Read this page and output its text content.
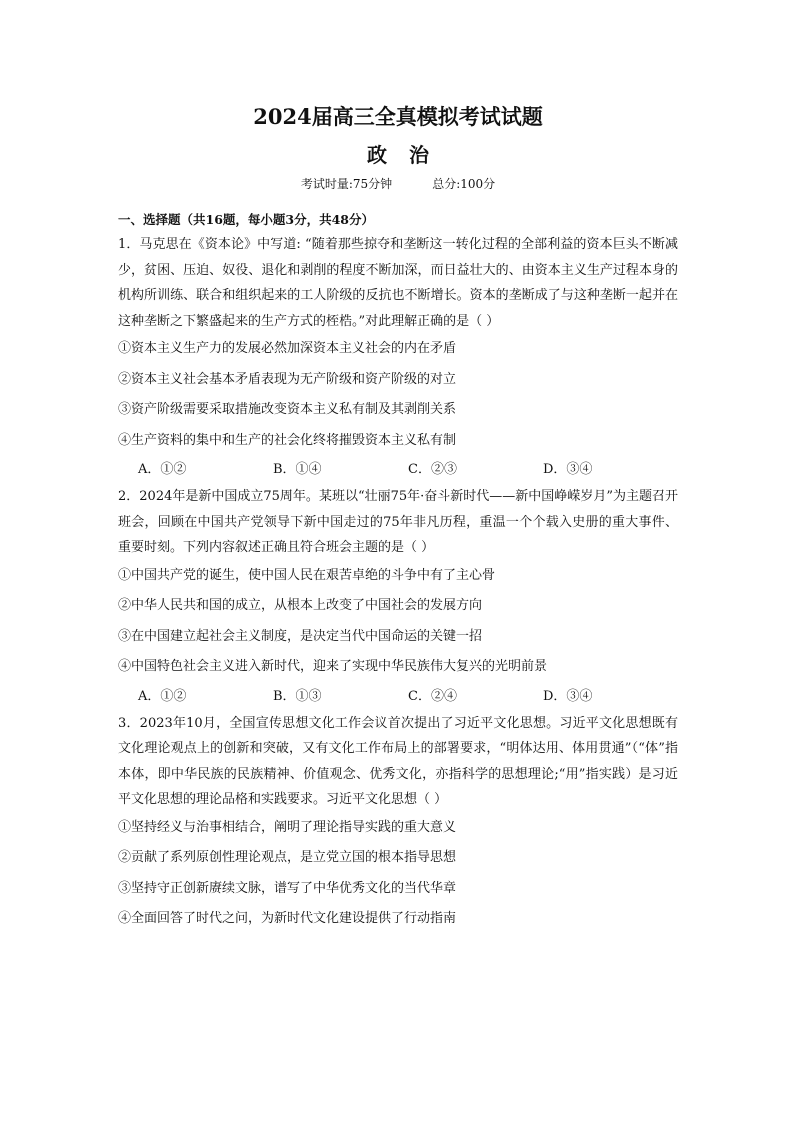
2024届高三全真模拟考试试题
政治

考试时量:75分钟	总分:100分

一、选择题（共16题，每小题3分，共48分）

1．马克思在《资本论》中写道: “随着那些掠夺和垄断这一转化过程的全部利益的资本巨头不断减少，贫困、压迫、奴役、退化和剥削的程度不断加深，而日益壮大的、由资本主义生产过程本身的机构所训练、联合和组织起来的工人阶级的反抗也不断增长。资本的垄断成了与这种垄断一起并在这种垄断之下繁盛起来的生产方式的桎梏。”对此理解正确的是（ ）

①资本主义生产力的发展必然加深资本主义社会的内在矛盾

②资本主义社会基本矛盾表现为无产阶级和资产阶级的对立

③资产阶级需要采取措施改变资本主义私有制及其剥削关系

④生产资料的集中和生产的社会化终将摧毁资本主义私有制

A．①②	B．①④	C．②③	D．③④

2．2024年是新中国成立75周年。某班以“壮丽75年·奋斗新时代——新中国峥嵘岁月”为主题召开班会，回顾在中国共产党领导下新中国走过的75年非凡历程，重温一个个载入史册的重大事件、重要时刻。下列内容叙述正确且符合班会主题的是（ ）

①中国共产党的诞生，使中国人民在艰苦卓绝的斗争中有了主心骨

②中华人民共和国的成立，从根本上改变了中国社会的发展方向

③在中国建立起社会主义制度，是决定当代中国命运的关键一招

④中国特色社会主义进入新时代，迎来了实现中华民族伟大复兴的光明前景

A．①②	B．①③	C．②④	D．③④

3．2023年10月，全国宣传思想文化工作会议首次提出了习近平文化思想。习近平文化思想既有文化理论观点上的创新和突破，又有文化工作布局上的部署要求，“明体达用、体用贯通”（“体”指本体，即中华民族的民族精神、价值观念、优秀文化，亦指科学的思想理论;“用”指实践）是习近平文化思想的理论品格和实践要求。习近平文化思想（ ）

①坚持经义与治事相结合，阐明了理论指导实践的重大意义

②贡献了系列原创性理论观点，是立党立国的根本指导思想

③坚持守正创新赓续文脉，谱写了中华优秀文化的当代华章

④全面回答了时代之问，为新时代文化建设提供了行动指南
